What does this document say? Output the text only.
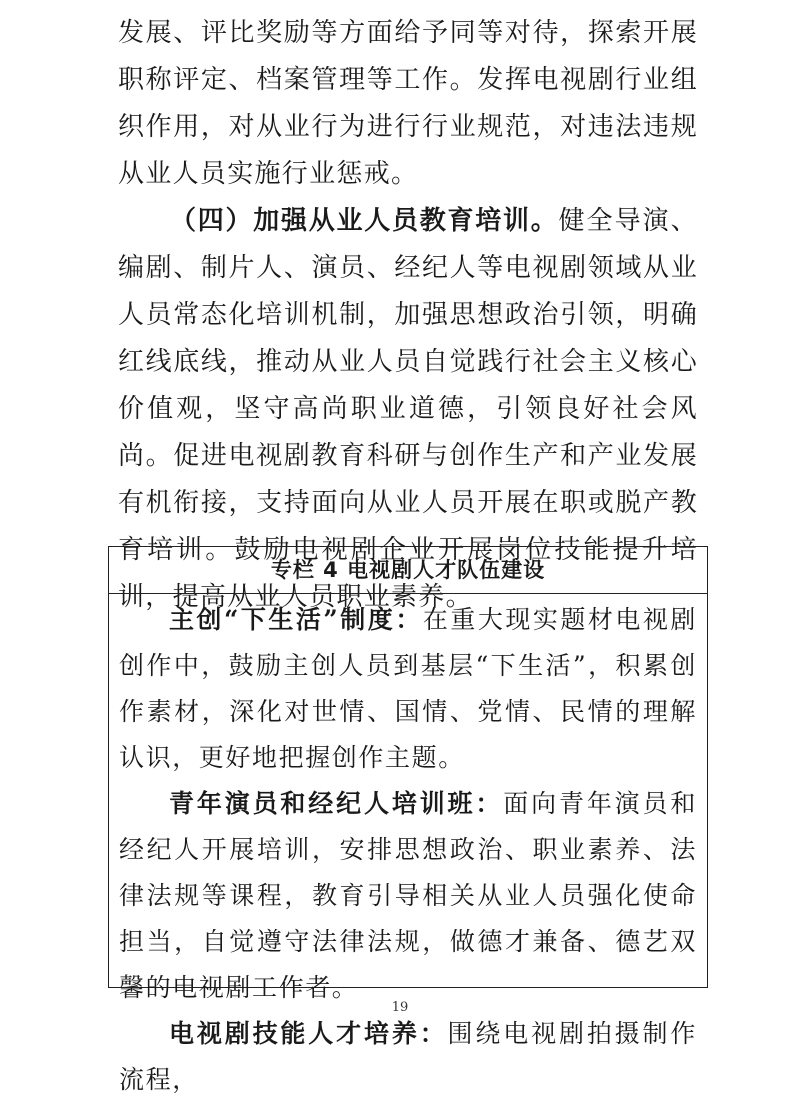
发展、评比奖励等方面给予同等对待，探索开展职称评定、档案管理等工作。发挥电视剧行业组织作用，对从业行为进行行业规范，对违法违规从业人员实施行业惩戒。

（四）加强从业人员教育培训。健全导演、编剧、制片人、演员、经纪人等电视剧领域从业人员常态化培训机制，加强思想政治引领，明确红线底线，推动从业人员自觉践行社会主义核心价值观，坚守高尚职业道德，引领良好社会风尚。促进电视剧教育科研与创作生产和产业发展有机衔接，支持面向从业人员开展在职或脱产教育培训。鼓励电视剧企业开展岗位技能提升培训，提高从业人员职业素养。

专栏 4 电视剧人才队伍建设

主创“下生活”制度：在重大现实题材电视剧创作中，鼓励主创人员到基层“下生活”，积累创作素材，深化对世情、国情、党情、民情的理解认识，更好地把握创作主题。

青年演员和经纪人培训班：面向青年演员和经纪人开展培训，安排思想政治、职业素养、法律法规等课程，教育引导相关从业人员强化使命担当，自觉遵守法律法规，做德才兼备、德艺双馨的电视剧工作者。

电视剧技能人才培养：围绕电视剧拍摄制作流程，

19
